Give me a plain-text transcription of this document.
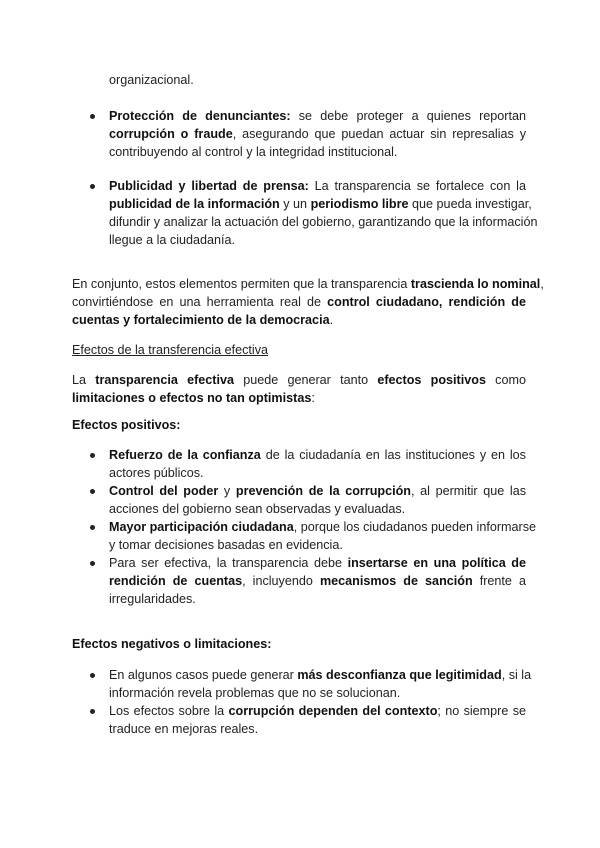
organizacional.
Protección de denunciantes: se debe proteger a quienes reportan
corrupción o fraude, asegurando que puedan actuar sin represalias y
contribuyendo al control y la integridad institucional.
Publicidad y libertad de prensa: La transparencia se fortalece con la
publicidad de la información y un periodismo libre que pueda investigar,
difundir y analizar la actuación del gobierno, garantizando que la información
llegue a la ciudadanía.
En conjunto, estos elementos permiten que la transparencia trascienda lo nominal,
convirtiéndose en una herramienta real de control ciudadano, rendición de
cuentas y fortalecimiento de la democracia.
Efectos de la transferencia efectiva
La transparencia efectiva puede generar tanto efectos positivos como
limitaciones o efectos no tan optimistas:
Efectos positivos:
Refuerzo de la confianza de la ciudadanía en las instituciones y en los
actores públicos.
Control del poder y prevención de la corrupción, al permitir que las
acciones del gobierno sean observadas y evaluadas.
Mayor participación ciudadana, porque los ciudadanos pueden informarse
y tomar decisiones basadas en evidencia.
Para ser efectiva, la transparencia debe insertarse en una política de
rendición de cuentas, incluyendo mecanismos de sanción frente a
irregularidades.
Efectos negativos o limitaciones:
En algunos casos puede generar más desconfianza que legitimidad, si la
información revela problemas que no se solucionan.
Los efectos sobre la corrupción dependen del contexto; no siempre se
traduce en mejoras reales.
